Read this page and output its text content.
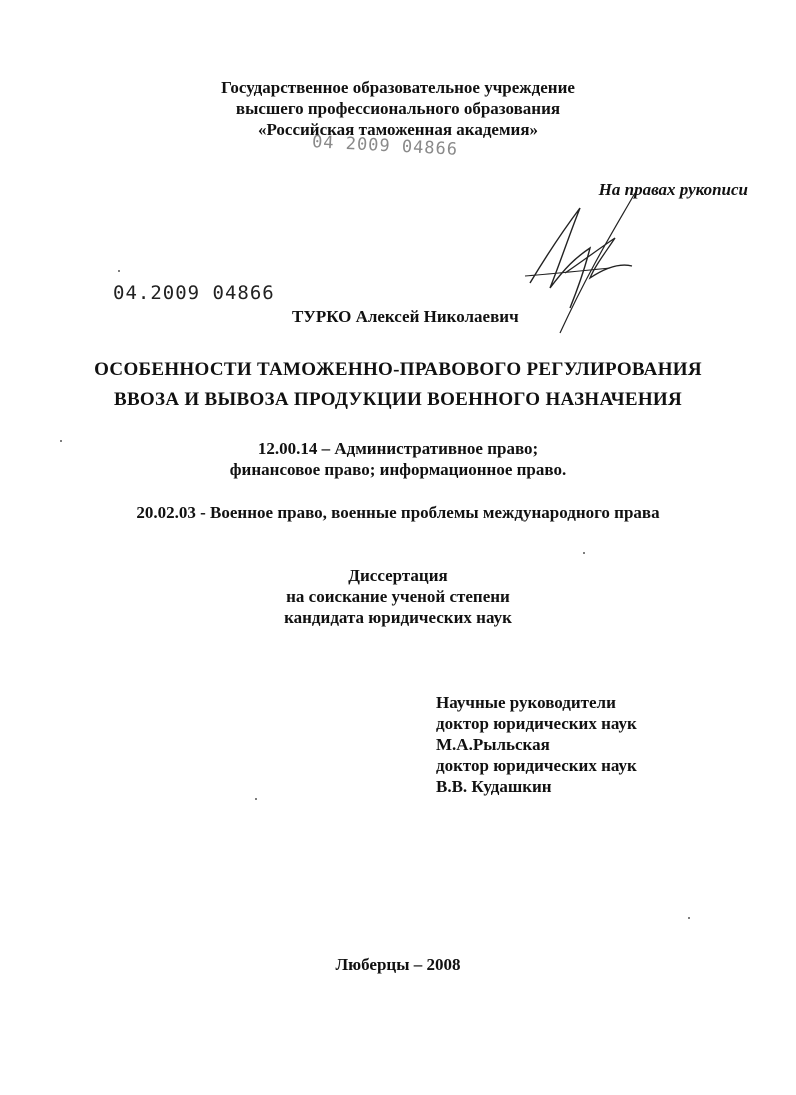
Государственное образовательное учреждение
высшего профессионального образования
«Российская таможенная академия»
04 2009 04866
На правах рукописи
04.2009 04866
ТУРКО Алексей Николаевич
ОСОБЕННОСТИ ТАМОЖЕННО-ПРАВОВОГО РЕГУЛИРОВАНИЯ
ВВОЗА И ВЫВОЗА ПРОДУКЦИИ ВОЕННОГО НАЗНАЧЕНИЯ
12.00.14 – Административное право;
финансовое право; информационное право.
20.02.03 - Военное право, военные проблемы международного права
Диссертация
на соискание ученой степени
кандидата юридических наук
Научные руководители
доктор юридических наук
М.А.Рыльская
доктор юридических наук
В.В. Кудашкин
Люберцы – 2008
